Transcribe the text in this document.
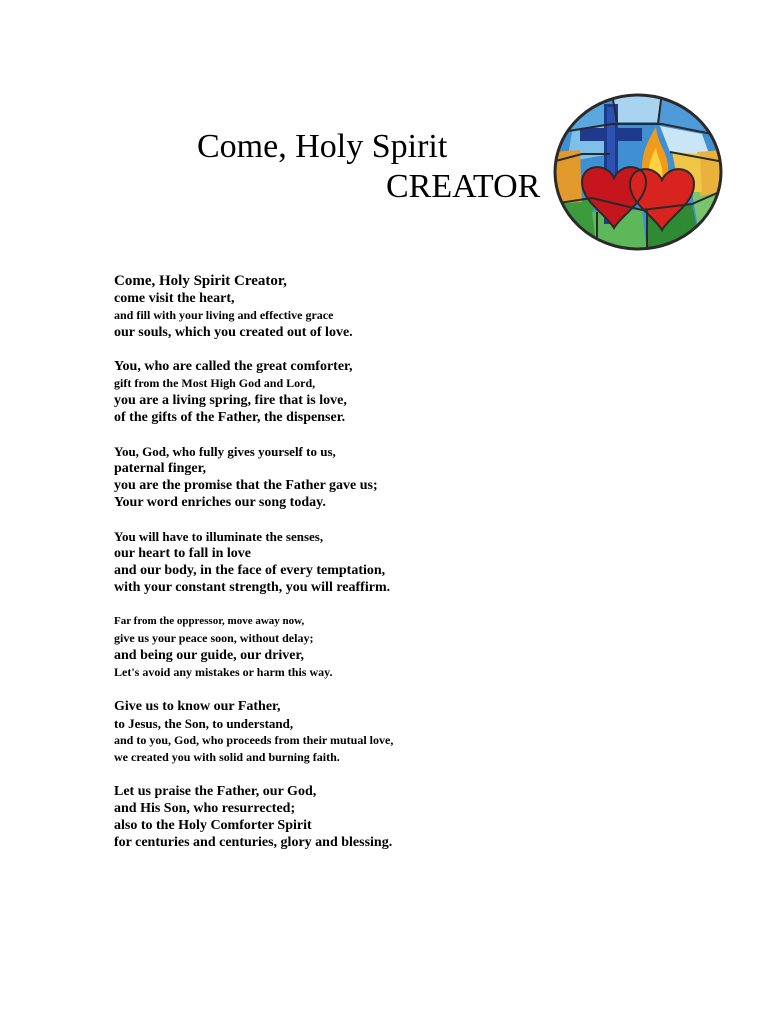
Come, Holy Spirit
CREATOR
Come, Holy Spirit Creator,
come visit the heart,
and fill with your living and effective grace
our souls, which you created out of love.
You, who are called the great comforter,
gift from the Most High God and Lord,
you are a living spring, fire that is love,
of the gifts of the Father, the dispenser.
You, God, who fully gives yourself to us,
paternal finger,
you are the promise that the Father gave us;
Your word enriches our song today.
You will have to illuminate the senses,
our heart to fall in love
and our body, in the face of every temptation,
with your constant strength, you will reaffirm.
Far from the oppressor, move away now,
give us your peace soon, without delay;
and being our guide, our driver,
Let's avoid any mistakes or harm this way.
Give us to know our Father,
to Jesus, the Son, to understand,
and to you, God, who proceeds from their mutual love,
we created you with solid and burning faith.
Let us praise the Father, our God,
and His Son, who resurrected;
also to the Holy Comforter Spirit
for centuries and centuries, glory and blessing.
